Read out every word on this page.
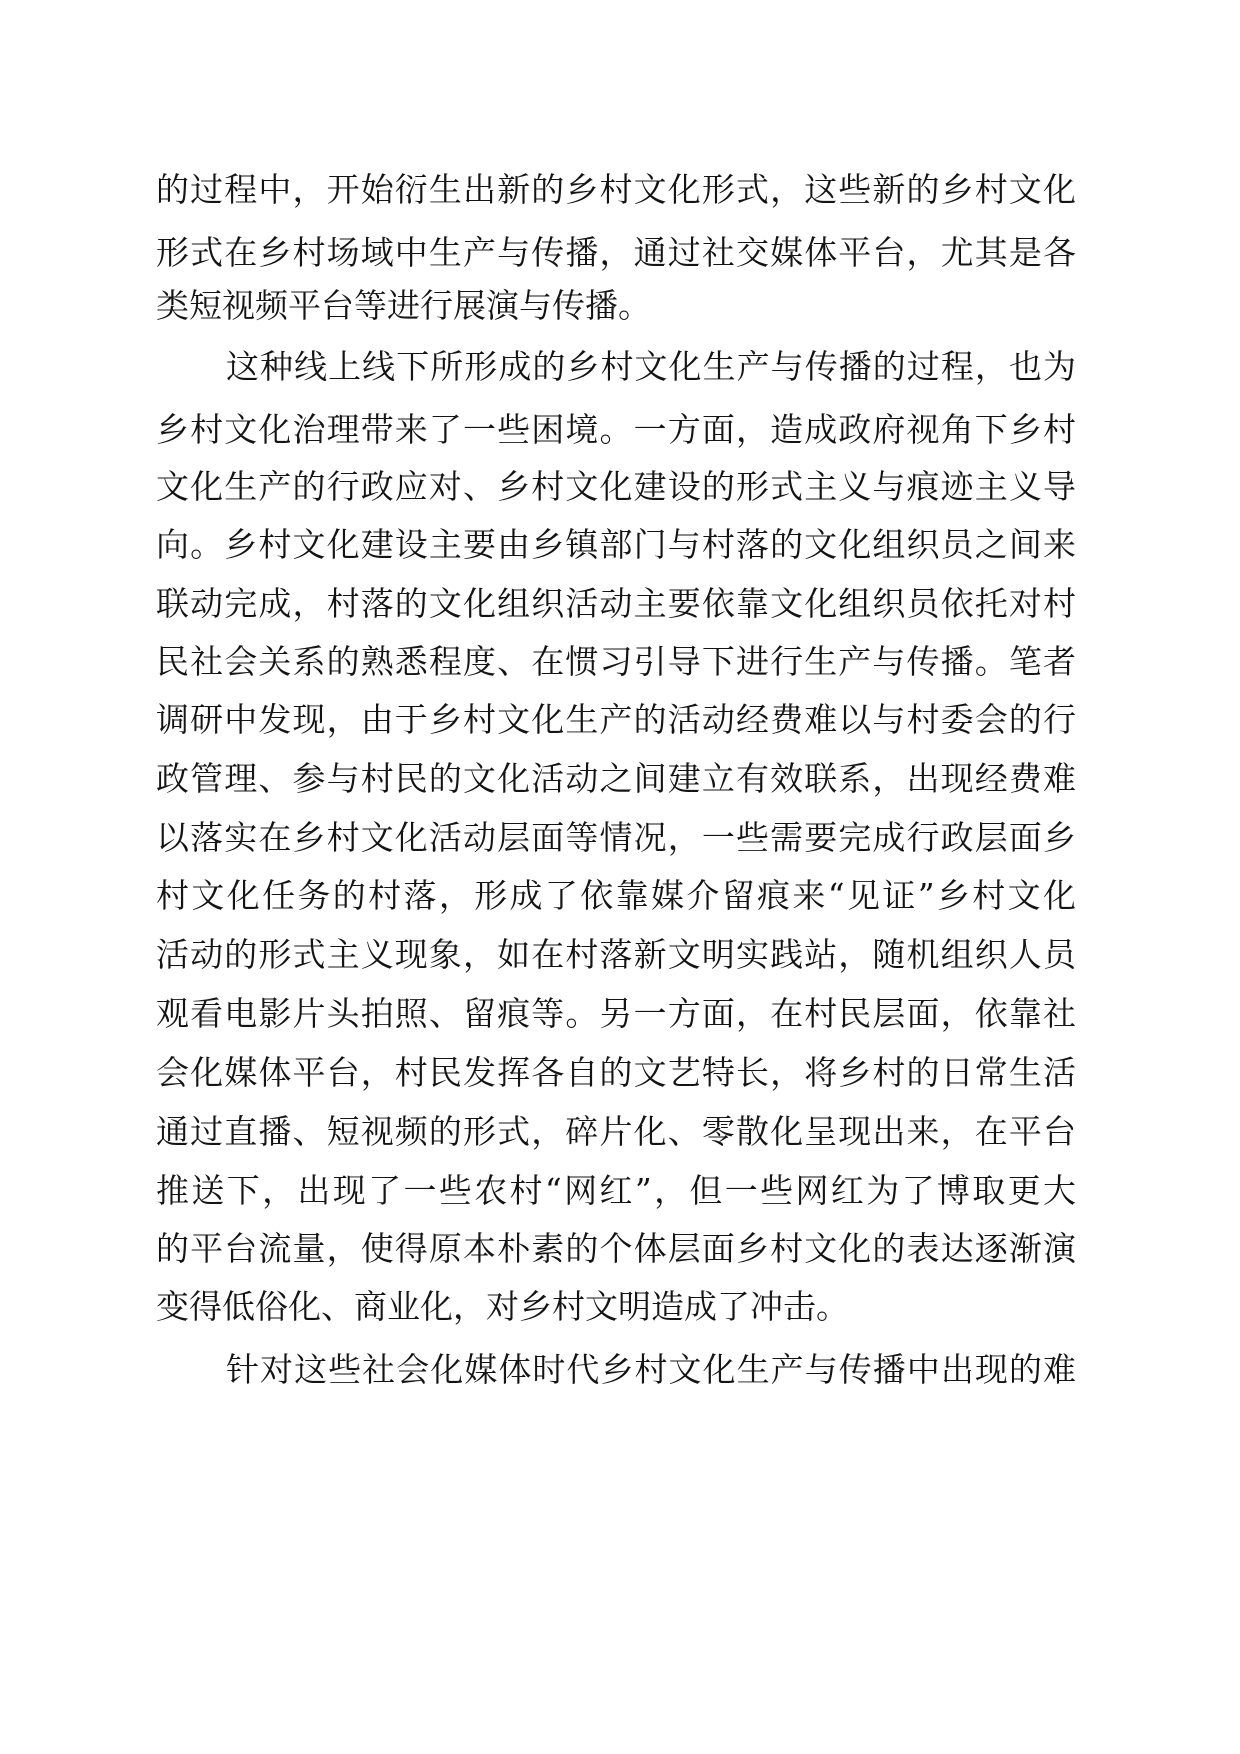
的过程中，开始衍生出新的乡村文化形式，这些新的乡村文化
形式在乡村场域中生产与传播，通过社交媒体平台，尤其是各
类短视频平台等进行展演与传播。
这种线上线下所形成的乡村文化生产与传播的过程，也为
乡村文化治理带来了一些困境。一方面，造成政府视角下乡村
文化生产的行政应对、乡村文化建设的形式主义与痕迹主义导
向。乡村文化建设主要由乡镇部门与村落的文化组织员之间来
联动完成，村落的文化组织活动主要依靠文化组织员依托对村
民社会关系的熟悉程度、在惯习引导下进行生产与传播。笔者
调研中发现，由于乡村文化生产的活动经费难以与村委会的行
政管理、参与村民的文化活动之间建立有效联系，出现经费难
以落实在乡村文化活动层面等情况，一些需要完成行政层面乡
村文化任务的村落，形成了依靠媒介留痕来“见证”乡村文化
活动的形式主义现象，如在村落新文明实践站，随机组织人员
观看电影片头拍照、留痕等。另一方面，在村民层面，依靠社
会化媒体平台，村民发挥各自的文艺特长，将乡村的日常生活
通过直播、短视频的形式，碎片化、零散化呈现出来，在平台
推送下，出现了一些农村“网红”，但一些网红为了博取更大
的平台流量，使得原本朴素的个体层面乡村文化的表达逐渐演
变得低俗化、商业化，对乡村文明造成了冲击。
针对这些社会化媒体时代乡村文化生产与传播中出现的难
